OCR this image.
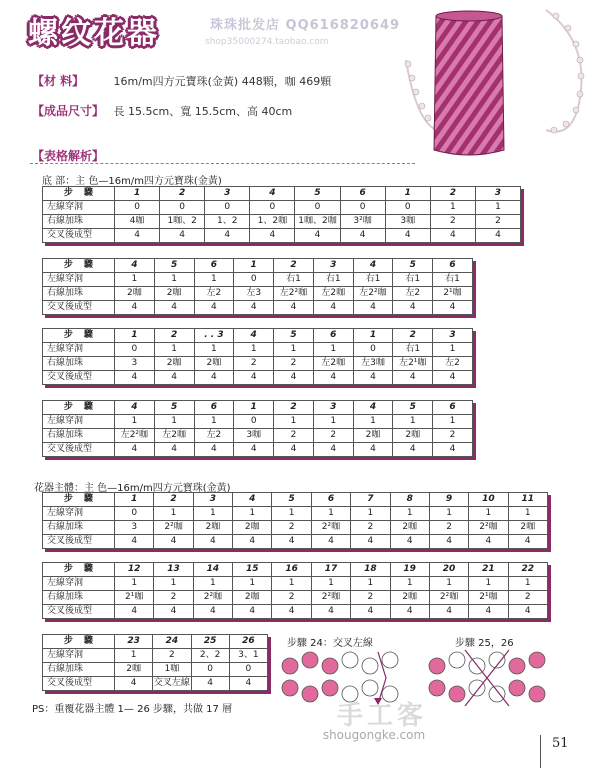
螺纹花器	珠珠批发店 QQ616820649
shop35000274.taobao.com
【材 料】	16m/m四方元寶珠(金黃) 448顆，咖 469顆
【成品尺寸】 長 15.5cm、寬 15.5cm、高 40cm
【表格解析】
底 部：主 色—16m/m四方元寶珠(金黃)
步 驟	1	2	3	4	5	6	1	2	3
左線穿洞	0	0	0	0	0	0	0	1	1
右線加珠	4咖	1咖、2	1、2	1、2咖	1咖、2咖	3²咖	3咖	2	2
交叉後成型	4	4	4	4	4	4	4	4	4
步 驟	4	5	6	1	2	3	4	5	6
左線穿洞	1	1	1	0	右1	右1	右1	右1	右1
右線加珠	2咖	2咖	左2	左3	左2²咖	左2咖	左2²咖	左2	2¹咖
交叉後成型	4	4	4	4	4	4	4	4	4
步 驟	1	2	. . 3	4	5	6	1	2	3
左線穿洞	0	1	1	1	1	1	0	右1	1
右線加珠	3	2咖	2咖	2	2	左2咖	左3咖	左2¹咖	左2
交叉後成型	4	4	4	4	4	4	4	4	4
步 驟	4	5	6	1	2	3	4	5	6
左線穿洞	1	1	1	0	1	1	1	1	1
右線加珠	左2²咖	左2咖	左2	3咖	2	2	2咖	2咖	2
交叉後成型	4	4	4	4	4	4	4	4	4
花器主體：主 色—16m/m四方元寶珠(金黃)
步 驟	1	2	3	4	5	6	7	8	9	10	11
左線穿洞	0	1	1	1	1	1	1	1	1	1	1
右線加珠	3	2²咖	2咖	2咖	2	2²咖	2	2咖	2	2²咖	2咖
交叉後成型	4	4	4	4	4	4	4	4	4	4	4
步 驟	12	13	14	15	16	17	18	19	20	21	22
左線穿洞	1	1	1	1	1	1	1	1	1	1	1
右線加珠	2¹咖	2	2²咖	2咖	2	2²咖	2	2咖	2²咖	2¹咖	2
交叉後成型	4	4	4	4	4	4	4	4	4	4	4
步 驟	23	24	25	26
左線穿洞	1	2	2、2	3、1
右線加珠	2咖	1咖	0	0
交叉後成型	4	交叉左線	4	4
步驟 24：交叉左線	步驟 25，26
PS：重覆花器主體 1— 26 步驟，共做 17 層	手工客
shougongke.com
51
